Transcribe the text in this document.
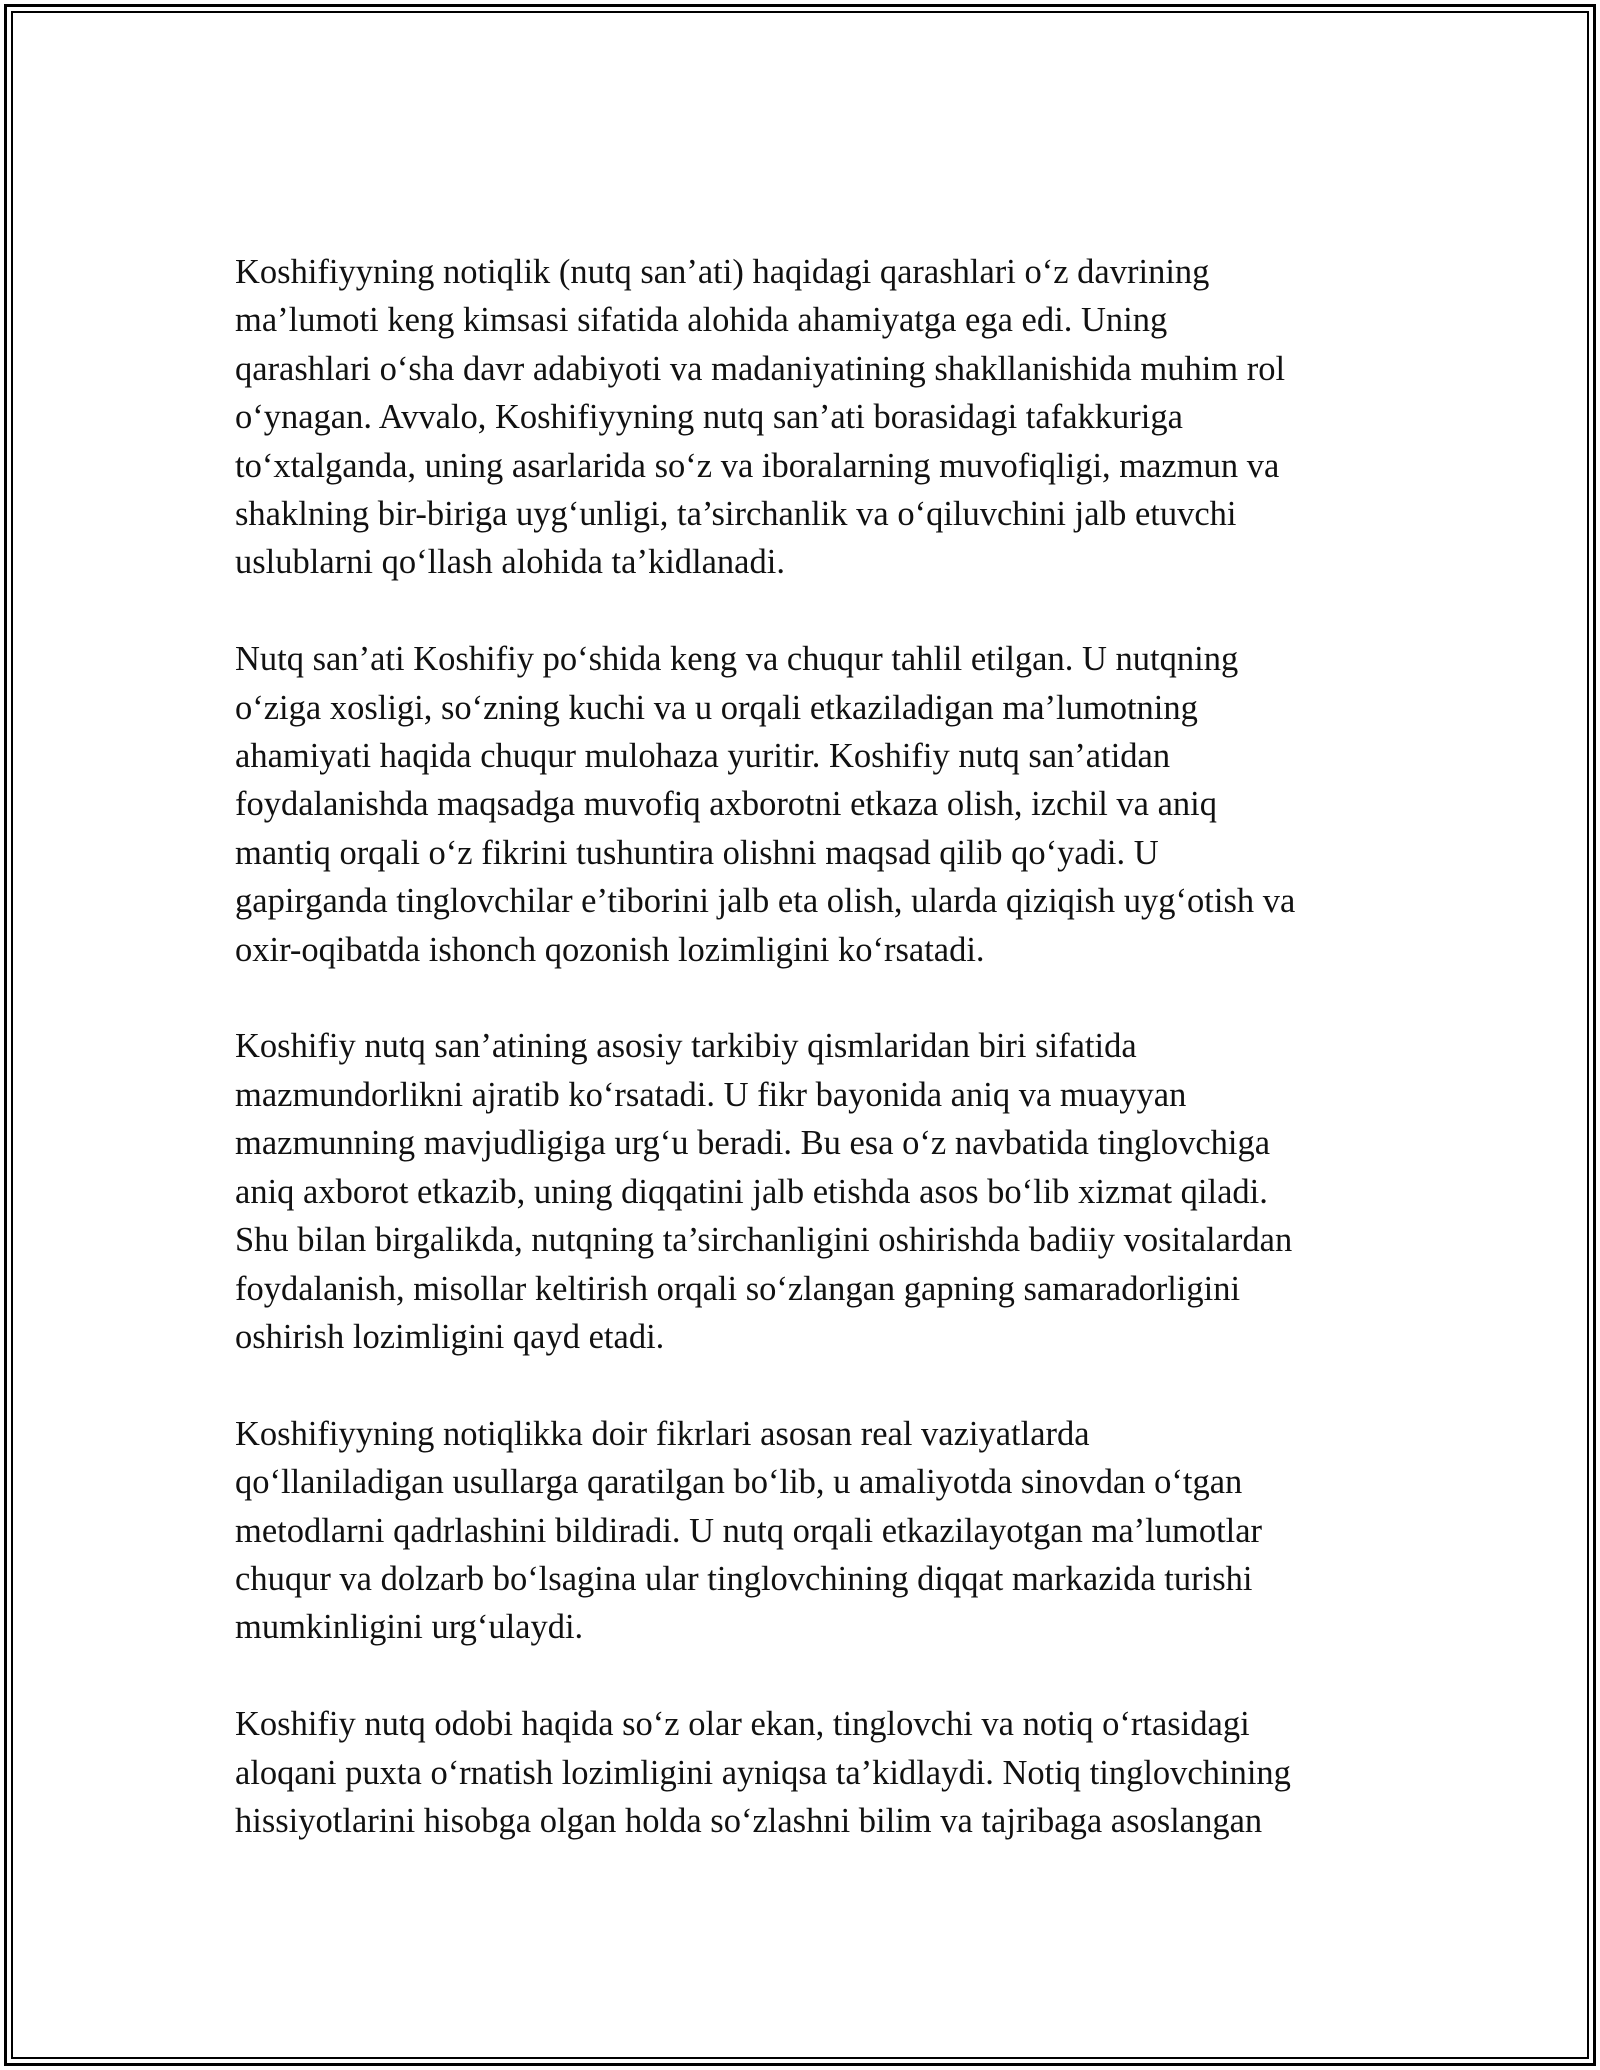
Koshifiyyning notiqlik (nutq san’ati) haqidagi qarashlari o‘z davrining
ma’lumoti keng kimsasi sifatida alohida ahamiyatga ega edi. Uning
qarashlari o‘sha davr adabiyoti va madaniyatining shakllanishida muhim rol
o‘ynagan. Avvalo, Koshifiyyning nutq san’ati borasidagi tafakkuriga
to‘xtalganda, uning asarlarida so‘z va iboralarning muvofiqligi, mazmun va
shaklning bir-biriga uyg‘unligi, ta’sirchanlik va o‘qiluvchini jalb etuvchi
uslublarni qo‘llash alohida ta’kidlanadi.

Nutq san’ati Koshifiy po‘shida keng va chuqur tahlil etilgan. U nutqning
o‘ziga xosligi, so‘zning kuchi va u orqali etkaziladigan ma’lumotning
ahamiyati haqida chuqur mulohaza yuritir. Koshifiy nutq san’atidan
foydalanishda maqsadga muvofiq axborotni etkaza olish, izchil va aniq
mantiq orqali o‘z fikrini tushuntira olishni maqsad qilib qo‘yadi. U
gapirganda tinglovchilar e’tiborini jalb eta olish, ularda qiziqish uyg‘otish va
oxir-oqibatda ishonch qozonish lozimligini ko‘rsatadi.

Koshifiy nutq san’atining asosiy tarkibiy qismlaridan biri sifatida
mazmundorlikni ajratib ko‘rsatadi. U fikr bayonida aniq va muayyan
mazmunning mavjudligiga urg‘u beradi. Bu esa o‘z navbatida tinglovchiga
aniq axborot etkazib, uning diqqatini jalb etishda asos bo‘lib xizmat qiladi.
Shu bilan birgalikda, nutqning ta’sirchanligini oshirishda badiiy vositalardan
foydalanish, misollar keltirish orqali so‘zlangan gapning samaradorligini
oshirish lozimligini qayd etadi.

Koshifiyyning notiqlikka doir fikrlari asosan real vaziyatlarda
qo‘llaniladigan usullarga qaratilgan bo‘lib, u amaliyotda sinovdan o‘tgan
metodlarni qadrlashini bildiradi. U nutq orqali etkazilayotgan ma’lumotlar
chuqur va dolzarb bo‘lsagina ular tinglovchining diqqat markazida turishi
mumkinligini urg‘ulaydi.

Koshifiy nutq odobi haqida so‘z olar ekan, tinglovchi va notiq o‘rtasidagi
aloqani puxta o‘rnatish lozimligini ayniqsa ta’kidlaydi. Notiq tinglovchining
hissiyotlarini hisobga olgan holda so‘zlashni bilim va tajribaga asoslangan
